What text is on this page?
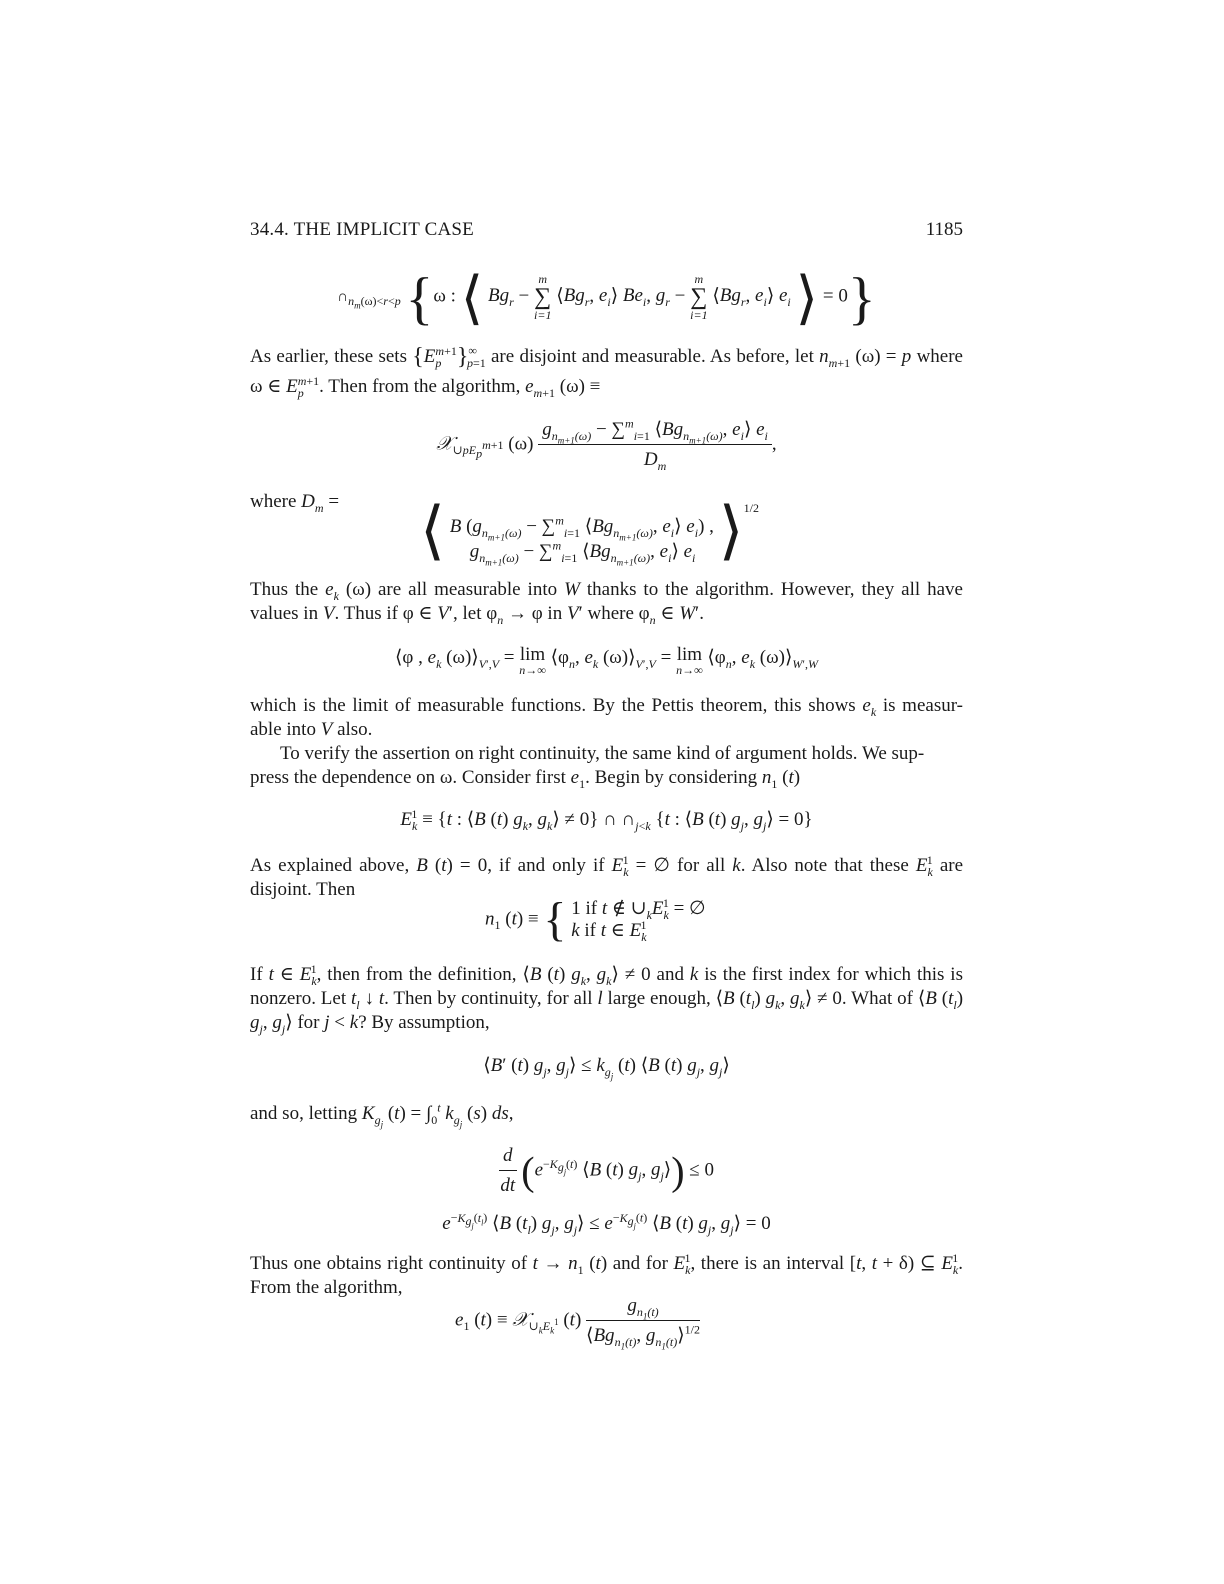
34.4. THE IMPLICIT CASE	1185
$\cap_{n_m(\omega)<r<p}$ {ω : ⟨ $Bg_r$ −
m
∑
i=1
$⟨Bg_r$, $e_i⟩$ $Be_i$, $g_r$ −
m
∑
i=1
$⟨Bg_r$, $e_i⟩$ $e_i$ ⟩ = 0}
As earlier, these sets $\{E_p^{m+1}\}^\infty_{p=1}$ are disjoint and measurable. As before, let $n_{m+1}$ (ω) = p where ω ∈ $E_p^{m+1}$. Then from the algorithm, $e_{m+1}$ (ω) ≡
𝒳$_{\cup pE_p^{m+1}}$ $(\omega) \frac{g_{n_{m+1}(\omega)} - \sum^m_{i=1} ⟨Bg_{n_{m+1}(\omega)}, e_i⟩ e_i}{D_m}$ ,
where $D_m$ =	⟨ B ($g_{n_{m+1}(\omega)} - \sum^m_{i=1}$ $⟨Bg_{n_{m+1}(\omega)}$, $e_i⟩$ $e_i$) ,
$g_{n_{m+1}(\omega)} - \sum^m_{i=1}$ $⟨Bg_{n_{m+1}(\omega)}$, $e_i⟩$ $e_i$ ⟩$^{1/2}$
Thus the $e_k$ (ω) are all measurable into W thanks to the algorithm. However, they all have values in V. Thus if φ ∈ V′, let $\varphi_n \to \varphi$ in V′ where $\varphi_n$ ∈ W′.
⟨φ , $e_k$ $(\omega)⟩_{V',V} = \lim$
n→∞
$⟨\varphi_n$, $e_k$ $(\omega)⟩_{V',V} = \lim$
n→∞
$⟨\varphi_n$, $e_k$ $(\omega)⟩_{W',W}$
which is the limit of measurable functions. By the Pettis theorem, this shows $e_k$ is measur- able into V also.
To verify the assertion on right continuity, the same kind of argument holds. We sup-
press the dependence on ω. Consider first $e_1$. Begin by considering $n_1$ (t)
$E_k^1 \equiv \{t$ : ⟨B (t) $g_k$, $g_k⟩ \ne 0$} ∩ $\cap_{j<k}$ {t : ⟨B (t) $g_j$, $g_j⟩ = 0$}
As explained above, B (t) = 0, if and only if $E_k^1$ = ∅ for all k. Also note that these $E_k^1$ are disjoint. Then
$n_1$ (t) ≡ { 1 if t ∉ $\cup_kE_k^1$ = ∅
k if t ∈ $E_k^1$
If t ∈ $E_k^1$, then from the definition, ⟨B (t) $g_k$, $g_k⟩ \ne 0$ and k is the first index for which this is nonzero. Let $t_l$ ↓ t. Then by continuity, for all l large enough, ⟨B $(t_l)$ $g_k$, $g_k⟩ \ne 0$. What of ⟨B $(t_l)$ $g_j$, $g_j⟩$ for j < k? By assumption,
⟨B′ (t) $g_j$, $g_j⟩ \le k_{g_j}$ (t) ⟨B (t) $g_j$, $g_j⟩$
and so, letting $K_{g_j}$ $(t) = \int_0^t$ $k_{g_j}$ (s) ds,
$\frac{d}{dt} (e^{-K_{g_j}(t)}$ ⟨B (t) $g_j$, $g_j⟩) \le 0$
$e^{-K_{g_j}(t_l)}$ ⟨B $(t_l)$ $g_j$, $g_j⟩ \le e^{-K_{g_j}(t)}$ ⟨B (t) $g_j$, $g_j⟩ = 0$
Thus one obtains right continuity of $t \to n_1$ (t) and for $E_k^1$, there is an interval [t, t + δ) ⊆ $E_k^1$. From the algorithm,
$e_1$ (t) ≡ 𝒳$_{\cup_kE_k^1}$ $(t) \frac{g_{n_1(t)}}{⟨Bg_{n_1(t)}, g_{n_1(t)}⟩^{1/2}}$
